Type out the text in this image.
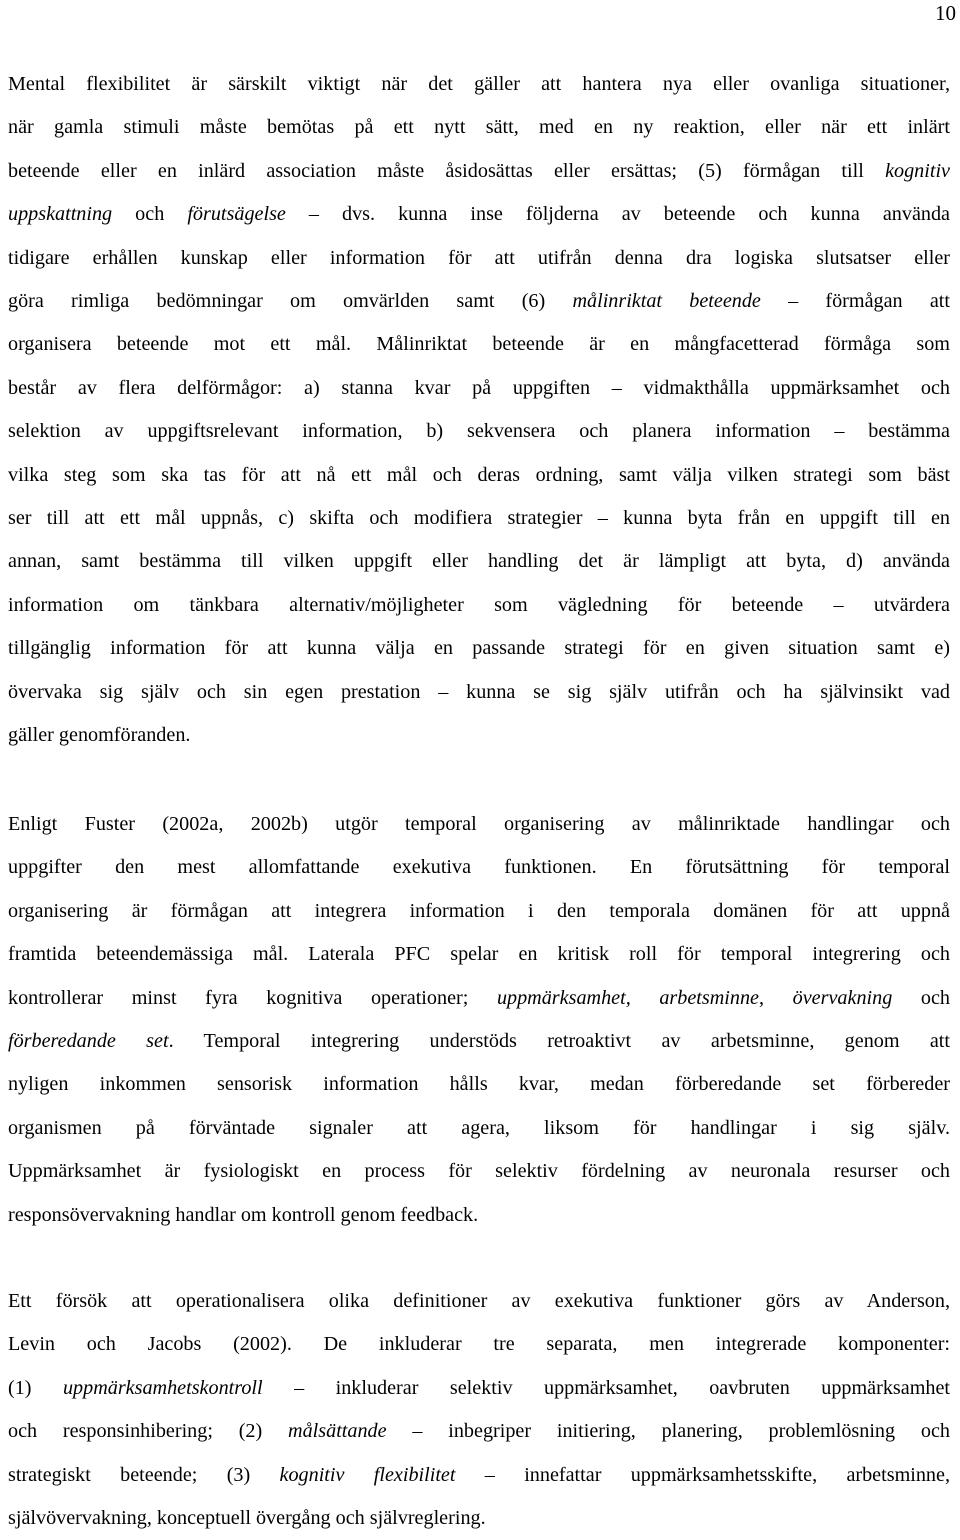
10
Mental flexibilitet är särskilt viktigt när det gäller att hantera nya eller ovanliga situationer,
när gamla stimuli måste bemötas på ett nytt sätt, med en ny reaktion, eller när ett inlärt
beteende eller en inlärd association måste åsidosättas eller ersättas; (5) förmågan till kognitiv
uppskattning och förutsägelse – dvs. kunna inse följderna av beteende och kunna använda
tidigare erhållen kunskap eller information för att utifrån denna dra logiska slutsatser eller
göra rimliga bedömningar om omvärlden samt (6) målinriktat beteende – förmågan att
organisera beteende mot ett mål. Målinriktat beteende är en mångfacetterad förmåga som
består av flera delförmågor: a) stanna kvar på uppgiften – vidmakthålla uppmärksamhet och
selektion av uppgiftsrelevant information, b) sekvensera och planera information – bestämma
vilka steg som ska tas för att nå ett mål och deras ordning, samt välja vilken strategi som bäst
ser till att ett mål uppnås, c) skifta och modifiera strategier – kunna byta från en uppgift till en
annan, samt bestämma till vilken uppgift eller handling det är lämpligt att byta, d) använda
information om tänkbara alternativ/möjligheter som vägledning för beteende – utvärdera
tillgänglig information för att kunna välja en passande strategi för en given situation samt e)
övervaka sig själv och sin egen prestation – kunna se sig själv utifrån och ha självinsikt vad
gäller genomföranden.
Enligt Fuster (2002a, 2002b) utgör temporal organisering av målinriktade handlingar och
uppgifter den mest allomfattande exekutiva funktionen. En förutsättning för temporal
organisering är förmågan att integrera information i den temporala domänen för att uppnå
framtida beteendemässiga mål. Laterala PFC spelar en kritisk roll för temporal integrering och
kontrollerar minst fyra kognitiva operationer; uppmärksamhet, arbetsminne, övervakning och
förberedande set. Temporal integrering understöds retroaktivt av arbetsminne, genom att
nyligen inkommen sensorisk information hålls kvar, medan förberedande set förbereder
organismen på förväntade signaler att agera, liksom för handlingar i sig själv.
Uppmärksamhet är fysiologiskt en process för selektiv fördelning av neuronala resurser och
responsövervakning handlar om kontroll genom feedback.
Ett försök att operationalisera olika definitioner av exekutiva funktioner görs av Anderson,
Levin och Jacobs (2002). De inkluderar tre separata, men integrerade komponenter:
(1) uppmärksamhetskontroll – inkluderar selektiv uppmärksamhet, oavbruten uppmärksamhet
och responsinhibering; (2) målsättande – inbegriper initiering, planering, problemlösning och
strategiskt beteende; (3) kognitiv flexibilitet – innefattar uppmärksamhetsskifte, arbetsminne,
självövervakning, konceptuell övergång och självreglering.
